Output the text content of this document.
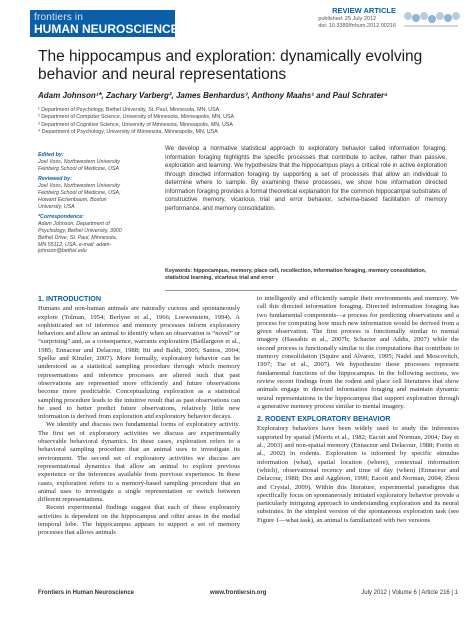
frontiers in
HUMAN NEUROSCIENCE
REVIEW ARTICLE
published: 25 July 2012
doi: 10.3389/fnhum.2012.00216
The hippocampus and exploration: dynamically evolving behavior and neural representations
Adam Johnson¹*, Zachary Varberg², James Benhardus³, Anthony Maahs¹ and Paul Schrater⁴
¹ Department of Psychology, Bethel University, St. Paul, Minnesota, MN, USA
² Department of Computer Science, University of Minnesota, Minneapolis, MN, USA
³ Department of Cognitive Science, University of Minnesota, Minneapolis, MN, USA
⁴ Department of Psychology, University of Minnesota, Minneapolis, MN, USA
Edited by:
Joel Voss, Northwestern University Feinberg School of Medicine, USA
Reviewed by:
Joel Voss, Northwestern University Feinberg School of Medicine, USA; Howard Eichenbaum, Boston University, USA
*Correspondence:
Adam Johnson, Department of Psychology, Bethel University, 3900 Bethel Drive, St. Paul, Minnesota, MN 55112, USA. e-mail: adam-johnson@bethel.edu
We develop a normative statistical approach to exploratory behavior called information foraging. Information foraging highlights the specific processes that contribute to active, rather than passive, exploration and learning. We hypothesize that the hippocampus plays a critical role in active exploration through directed information foraging by supporting a set of processes that allow an individual to determine where to sample. By examining these processes, we show how information directed information foraging provides a formal theoretical explanation for the common hippocampal substrates of constructive memory, vicarious trial and error behavior, schema-based facilitation of memory performance, and memory consolidation.
Keywords: hippocampus, memory, place cell, recollection, information foraging, memory consolidation, statistical learning, vicarious trial and error
1. INTRODUCTION

Humans and non-human animals are naturally curious and spontaneously explore (Tolman, 1954; Berlyne et al., 1966; Loewenstein, 1994). A sophisticated set of inference and memory processes inform exploratory behaviors and allow an animal to identify when an observation is “novel” or “surprising” and, as a consequence, warrants exploration (Baillargeon et al., 1985; Ennaceur and Delacour, 1988; Itti and Baldi, 2005; Santos, 2004; Spelke and Kinzler, 2007). More formally, exploratory behavior can be understood as a statistical sampling procedure through which memory representations and inference processes are altered such that past observations are represented more efficiently and future observations become more predictable. Conceptualizing exploration as a statistical sampling procedure leads to the intuitive result that as past observations can be used to better predict future observations, relatively little new information is derived from exploration and exploratory behavior decays.

We identify and discuss two fundamental forms of exploratory activity. The first set of exploratory activities we discuss are experimentally observable behavioral dynamics. In these cases, exploration refers to a behavioral sampling procedure that an animal uses to investigate its environment. The second set of exploratory activities we discuss are representational dynamics that allow an animal to explore previous experience or the inferences available from previous experience. In these cases, exploration refers to a memory-based sampling procedure that an animal uses to investigate a single representation or switch between different representations.

Recent experimental findings suggest that each of these exploratory activities is dependent on the hippocampus and other areas in the medial temporal lobe. The hippocampus appears to support a set of memory processes that allows animals

to intelligently and efficiently sample their environments and memory. We call this directed information foraging. Directed information foraging has two fundamental components—a process for predicting observations and a process for computing how much new information would be derived from a given observation. The first process is functionally similar to mental imagery (Hassabis et al., 2007b; Schacter and Addis, 2007) while the second process is functionally similar to the computations that contribute to memory consolidation (Squire and Alvarez, 1995; Nadel and Moscovitch, 1997; Tse et al., 2007). We hypothesize these processes represent fundamental functions of the hippocampus. In the following sections, we review recent findings from the rodent and place cell literatures that show animals engage in directed information foraging and maintain dynamic neural representations in the hippocampus that support exploration through a generative memory process similar to mental imagery.

2. RODENT EXPLORATORY BEHAVIOR

Exploratory behaviors have been widely used to study the inferences supported by spatial (Morris et al., 1982; Eacott and Norman, 2004; Day et al., 2003) and non-spatial memory (Ennaceur and Delacour, 1988; Fortin et al., 2002) in rodents. Exploration is informed by specific stimulus information (what), spatial location (where), contextual information (which), observational recency and time of day (when) (Ennaceur and Delacour, 1988; Dix and Aggleton, 1999; Eacott and Norman, 2004; Zhou and Crystal, 2009). Within this literature, experimental paradigms that specifically focus on spontaneously initiated exploratory behavior provide a particularly intriguing approach to understanding exploration and its neural substrates. In the simplest version of the spontaneous exploration task (see Figure 1—what task), an animal is familiarized with two versions

Frontiers in Human Neuroscience	www.frontiersin.org	July 2012 | Volume 6 | Article 216 | 1
